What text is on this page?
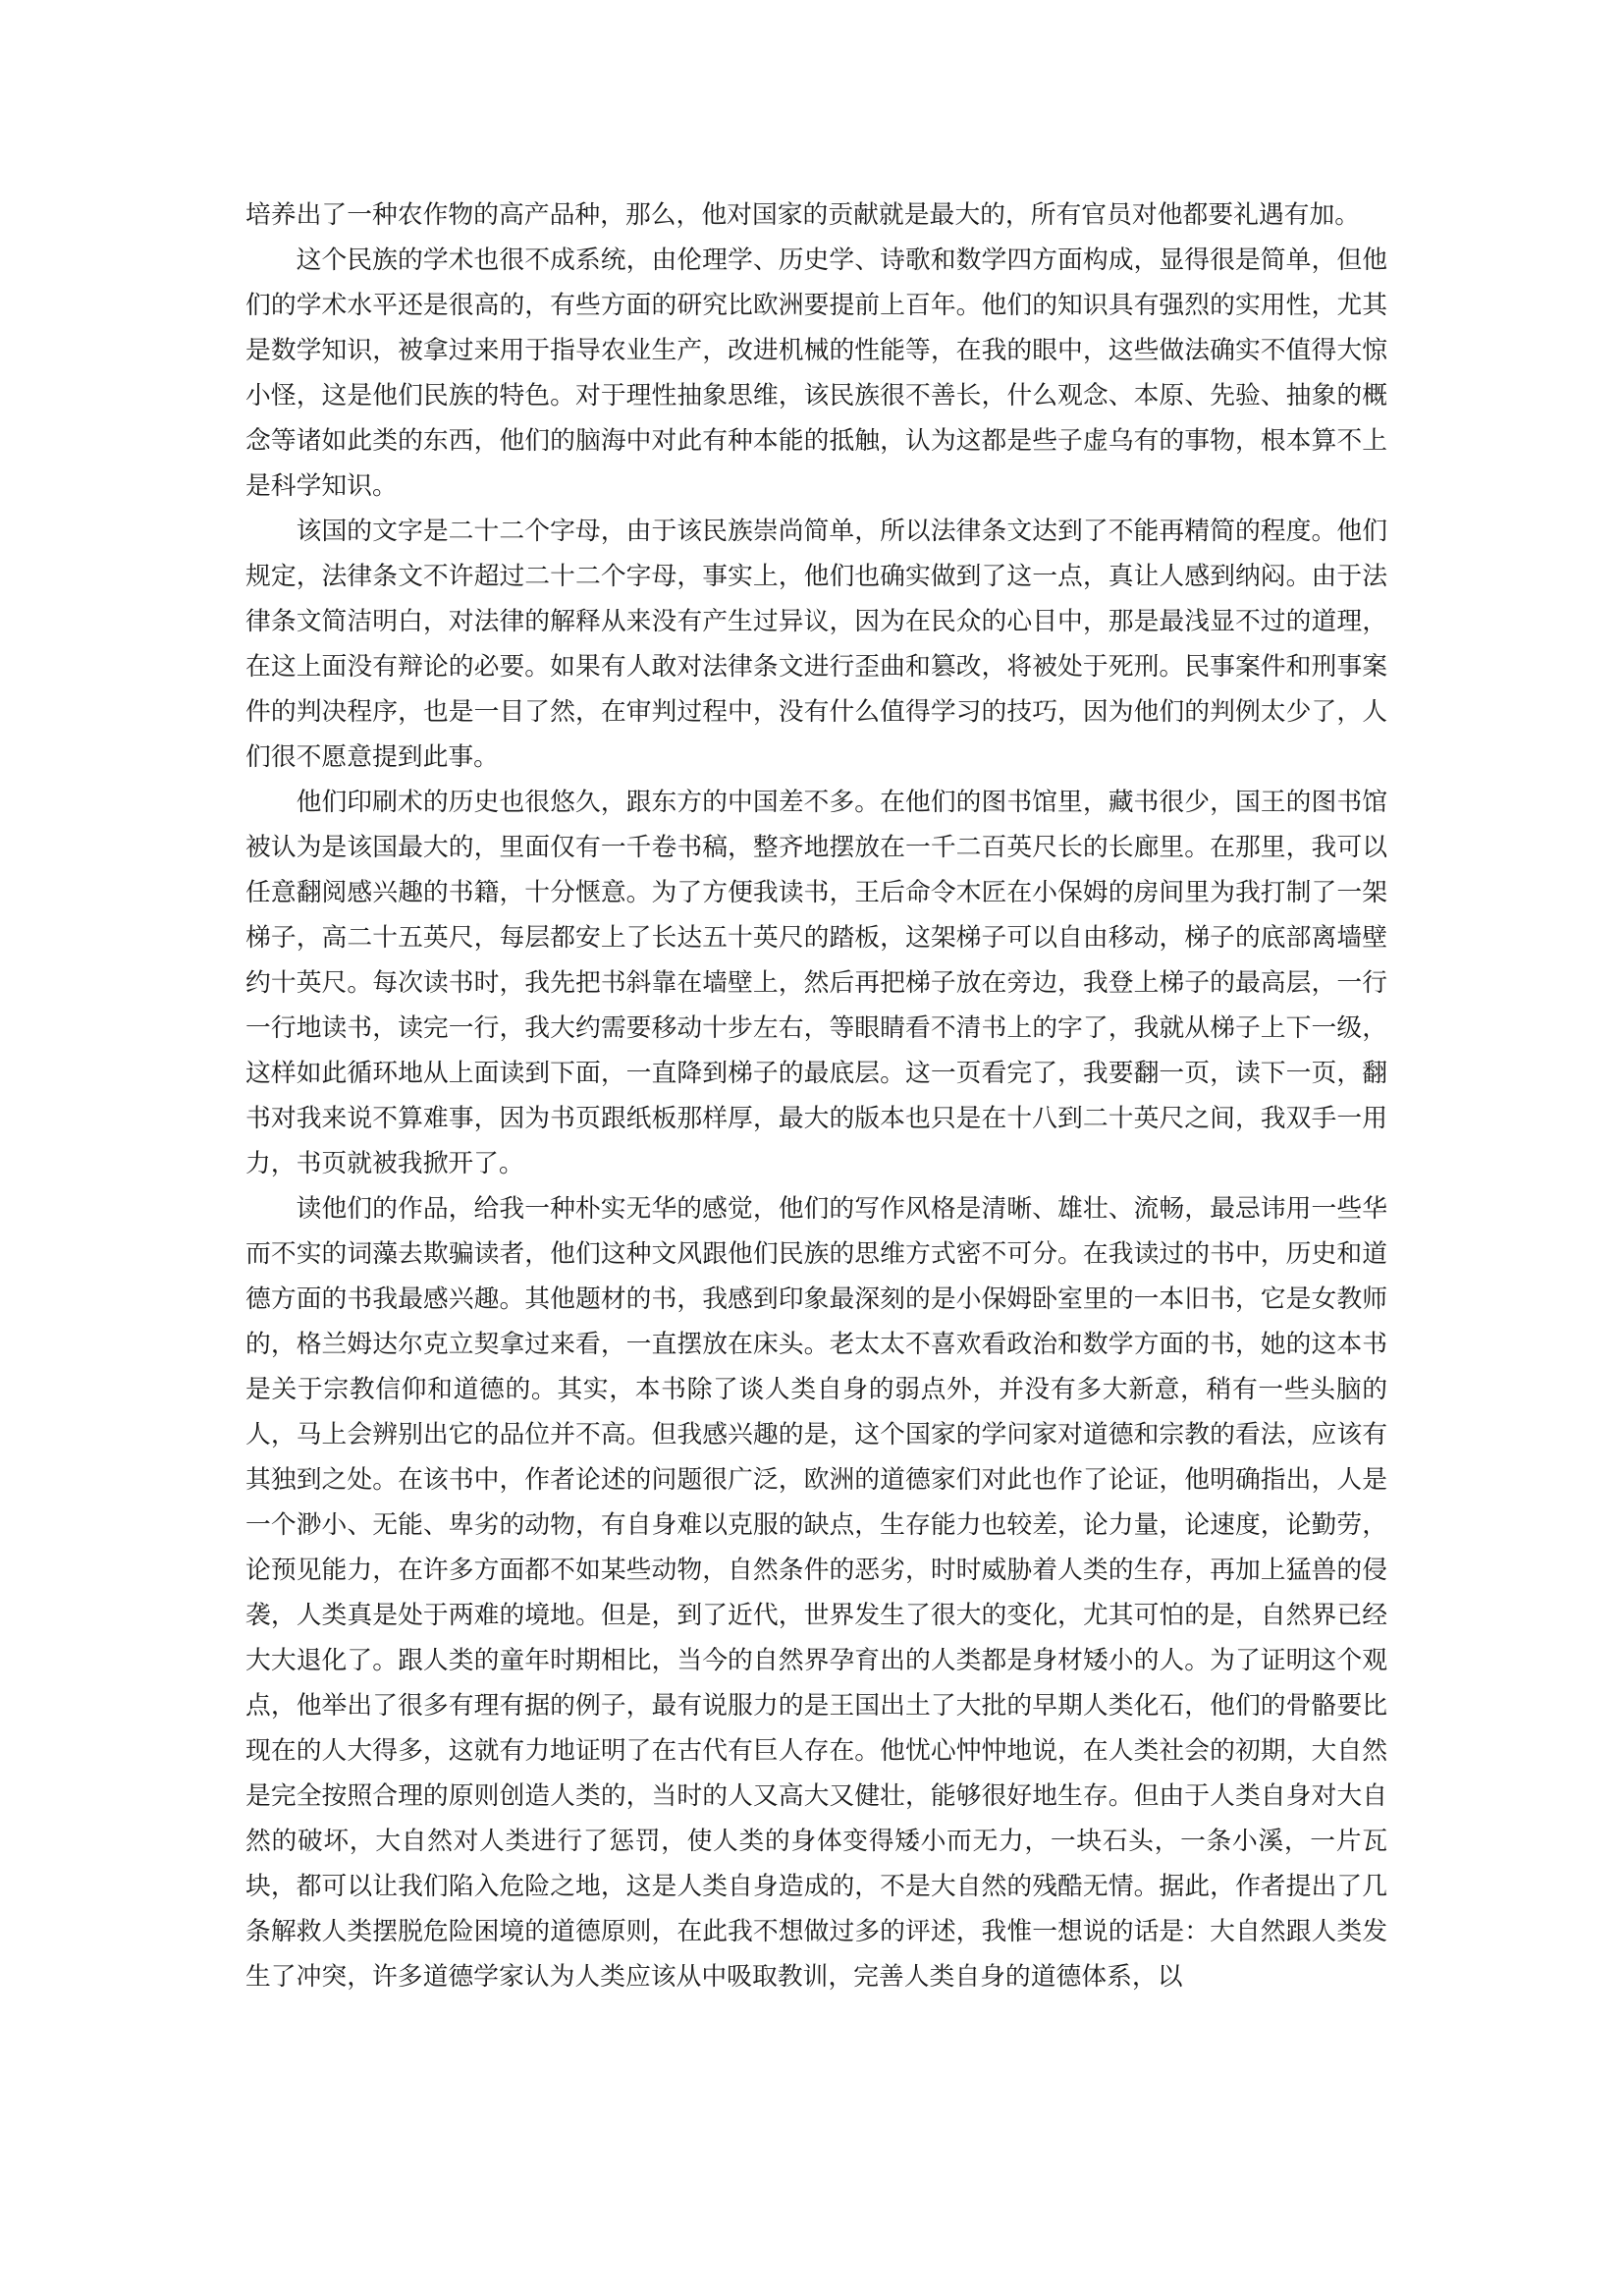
培养出了一种农作物的高产品种，那么，他对国家的贡献就是最大的，所有官员对他都要礼遇有加。

这个民族的学术也很不成系统，由伦理学、历史学、诗歌和数学四方面构成，显得很是简单，但他们的学术水平还是很高的，有些方面的研究比欧洲要提前上百年。他们的知识具有强烈的实用性，尤其是数学知识，被拿过来用于指导农业生产，改进机械的性能等，在我的眼中，这些做法确实不值得大惊小怪，这是他们民族的特色。对于理性抽象思维，该民族很不善长，什么观念、本原、先验、抽象的概念等诸如此类的东西，他们的脑海中对此有种本能的抵触，认为这都是些子虚乌有的事物，根本算不上是科学知识。

该国的文字是二十二个字母，由于该民族崇尚简单，所以法律条文达到了不能再精简的程度。他们规定，法律条文不许超过二十二个字母，事实上，他们也确实做到了这一点，真让人感到纳闷。由于法律条文简洁明白，对法律的解释从来没有产生过异议，因为在民众的心目中，那是最浅显不过的道理，在这上面没有辩论的必要。如果有人敢对法律条文进行歪曲和篡改，将被处于死刑。民事案件和刑事案件的判决程序，也是一目了然，在审判过程中，没有什么值得学习的技巧，因为他们的判例太少了，人们很不愿意提到此事。

他们印刷术的历史也很悠久，跟东方的中国差不多。在他们的图书馆里，藏书很少，国王的图书馆被认为是该国最大的，里面仅有一千卷书稿，整齐地摆放在一千二百英尺长的长廊里。在那里，我可以任意翻阅感兴趣的书籍，十分惬意。为了方便我读书，王后命令木匠在小保姆的房间里为我打制了一架梯子，高二十五英尺，每层都安上了长达五十英尺的踏板，这架梯子可以自由移动，梯子的底部离墙壁约十英尺。每次读书时，我先把书斜靠在墙壁上，然后再把梯子放在旁边，我登上梯子的最高层，一行一行地读书，读完一行，我大约需要移动十步左右，等眼睛看不清书上的字了，我就从梯子上下一级，这样如此循环地从上面读到下面，一直降到梯子的最底层。这一页看完了，我要翻一页，读下一页，翻书对我来说不算难事，因为书页跟纸板那样厚，最大的版本也只是在十八到二十英尺之间，我双手一用力，书页就被我掀开了。

读他们的作品，给我一种朴实无华的感觉，他们的写作风格是清晰、雄壮、流畅，最忌讳用一些华而不实的词藻去欺骗读者，他们这种文风跟他们民族的思维方式密不可分。在我读过的书中，历史和道德方面的书我最感兴趣。其他题材的书，我感到印象最深刻的是小保姆卧室里的一本旧书，它是女教师的，格兰姆达尔克立契拿过来看，一直摆放在床头。老太太不喜欢看政治和数学方面的书，她的这本书是关于宗教信仰和道德的。其实，本书除了谈人类自身的弱点外，并没有多大新意，稍有一些头脑的人，马上会辨别出它的品位并不高。但我感兴趣的是，这个国家的学问家对道德和宗教的看法，应该有其独到之处。在该书中，作者论述的问题很广泛，欧洲的道德家们对此也作了论证，他明确指出，人是一个渺小、无能、卑劣的动物，有自身难以克服的缺点，生存能力也较差，论力量，论速度，论勤劳，论预见能力，在许多方面都不如某些动物，自然条件的恶劣，时时威胁着人类的生存，再加上猛兽的侵袭，人类真是处于两难的境地。但是，到了近代，世界发生了很大的变化，尤其可怕的是，自然界已经大大退化了。跟人类的童年时期相比，当今的自然界孕育出的人类都是身材矮小的人。为了证明这个观点，他举出了很多有理有据的例子，最有说服力的是王国出土了大批的早期人类化石，他们的骨骼要比现在的人大得多，这就有力地证明了在古代有巨人存在。他忧心忡忡地说，在人类社会的初期，大自然是完全按照合理的原则创造人类的，当时的人又高大又健壮，能够很好地生存。但由于人类自身对大自然的破坏，大自然对人类进行了惩罚，使人类的身体变得矮小而无力，一块石头，一条小溪，一片瓦块，都可以让我们陷入危险之地，这是人类自身造成的，不是大自然的残酷无情。据此，作者提出了几条解救人类摆脱危险困境的道德原则，在此我不想做过多的评述，我惟一想说的话是：大自然跟人类发生了冲突，许多道德学家认为人类应该从中吸取教训，完善人类自身的道德体系，以
